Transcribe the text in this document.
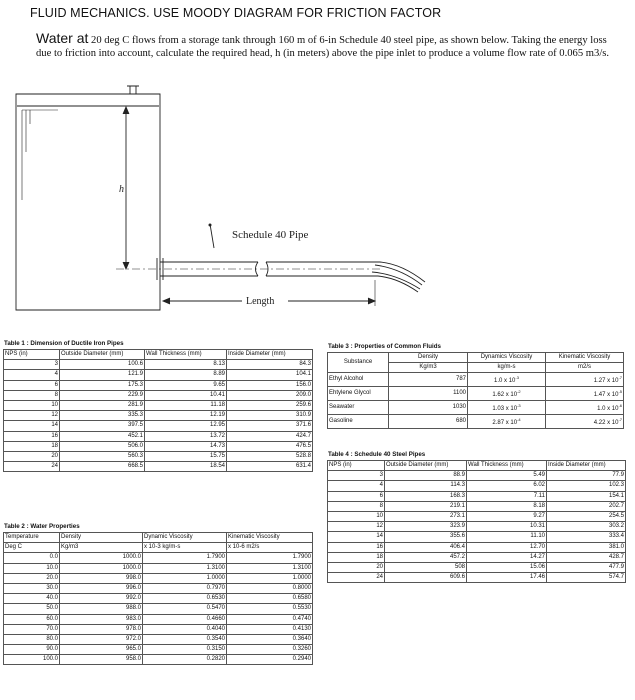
FLUID MECHANICS. USE MOODY DIAGRAM FOR FRICTION FACTOR
Water at 20 deg C flows from a storage tank through 160 m of 6-in Schedule 40 steel pipe, as shown below. Taking the energy loss due to friction into account, calculate the required head, h (in meters) above the pipe inlet to produce a volume flow rate of 0.065 m3/s.
h
Schedule 40 Pipe
Length
Table 1 : Dimension of Ductile Iron Pipes
NPS (in)	Outside Diameter (mm)	Wall Thickness (mm)	Inside Diameter (mm)
3	100.6	8.13	84.3
4	121.9	8.89	104.1
6	175.3	9.65	156.0
8	229.9	10.41	209.0
10	281.9	11.18	259.6
12	335.3	12.19	310.9
14	397.5	12.95	371.6
16	452.1	13.72	424.7
18	506.0	14.73	476.5
20	560.3	15.75	528.8
24	668.5	18.54	631.4
Table 2 : Water Properties
Temperature	Density	Dynamic Viscosity	Kinematic Viscosity
Deg C	Kg/m3	x 10-3 kg/m-s	x 10-6 m2/s
0.0	1000.0	1.7900	1.7900
10.0	1000.0	1.3100	1.3100
20.0	998.0	1.0000	1.0000
30.0	996.0	0.7970	0.8000
40.0	992.0	0.6530	0.6580
50.0	988.0	0.5470	0.5530
60.0	983.0	0.4660	0.4740
70.0	978.0	0.4040	0.4130
80.0	972.0	0.3540	0.3640
90.0	965.0	0.3150	0.3260
100.0	958.0	0.2820	0.2940
Table 3 : Properties of Common Fluids
Substance	Density	Dynamics Viscosity	Kinematic Viscosity
	Kg/m3	kg/m-s	m2/s
Ethyl Alcohol	787	1.0 x $10^{-3}$	1.27 x $10^{-7}$
Ehtylene Glycol	1100	1.62 x $10^{-2}$	1.47 x $10^{-5}$
Seawater	1030	1.03 x $10^{-3}$	1.0 x $10^{-6}$
Gasoline	680	2.87 x $10^{-4}$	4.22 x $10^{-7}$
Table 4 : Schedule 40 Steel Pipes
NPS (in)	Outside Diameter (mm)	Wall Thickness (mm)	Inside Diameter (mm)
3	88.9	5.49	77.9
4	114.3	6.02	102.3
6	168.3	7.11	154.1
8	219.1	8.18	202.7
10	273.1	9.27	254.5
12	323.9	10.31	303.2
14	355.6	11.10	333.4
16	406.4	12.70	381.0
18	457.2	14.27	428.7
20	508	15.06	477.9
24	609.6	17.46	574.7
